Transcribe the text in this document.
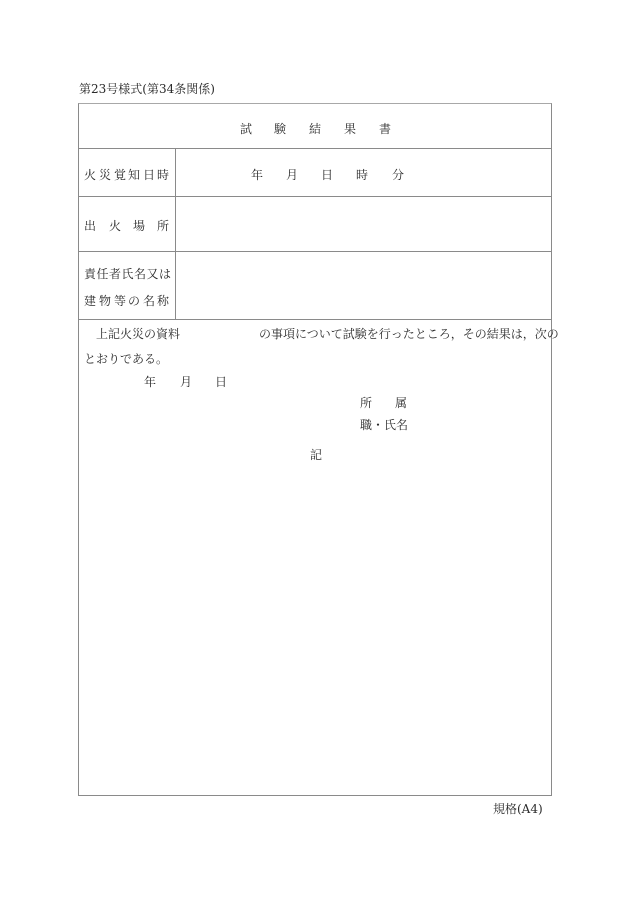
第23号様式(第34条関係)
試 験 結 果 書
火 災 覚 知 日 時	年 月 日 時 分
出 火 場 所
責任者氏名又は
建 物 等 の 名 称
上記火災の資料	の事項について試験を行ったところ，その結果は，次の
とおりである。
年 月 日
所 属
職・氏名
記
規格(A4)
